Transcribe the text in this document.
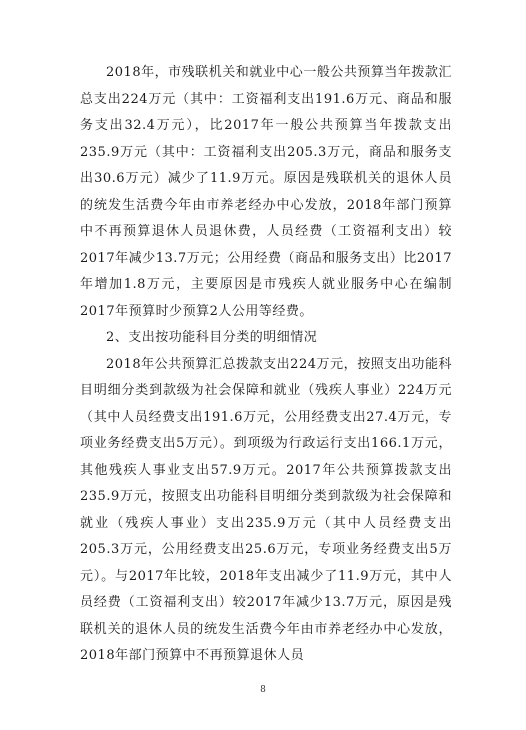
2018年，市残联机关和就业中心一般公共预算当年拨款汇总支出224万元（其中：工资福利支出191.6万元、商品和服务支出32.4万元），比2017年一般公共预算当年拨款支出235.9万元（其中：工资福利支出205.3万元，商品和服务支出30.6万元）减少了11.9万元。原因是残联机关的退休人员的统发生活费今年由市养老经办中心发放，2018年部门预算中不再预算退休人员退休费，人员经费（工资福利支出）较2017年减少13.7万元；公用经费（商品和服务支出）比2017年增加1.8万元，主要原因是市残疾人就业服务中心在编制2017年预算时少预算2人公用等经费。

2、支出按功能科目分类的明细情况

2018年公共预算汇总拨款支出224万元，按照支出功能科目明细分类到款级为社会保障和就业（残疾人事业）224万元（其中人员经费支出191.6万元，公用经费支出27.4万元，专项业务经费支出5万元）。到项级为行政运行支出166.1万元，其他残疾人事业支出57.9万元。2017年公共预算拨款支出235.9万元，按照支出功能科目明细分类到款级为社会保障和就业（残疾人事业）支出235.9万元（其中人员经费支出205.3万元，公用经费支出25.6万元，专项业务经费支出5万元）。与2017年比较，2018年支出减少了11.9万元，其中人员经费（工资福利支出）较2017年减少13.7万元，原因是残联机关的退休人员的统发生活费今年由市养老经办中心发放，2018年部门预算中不再预算退休人员

8
